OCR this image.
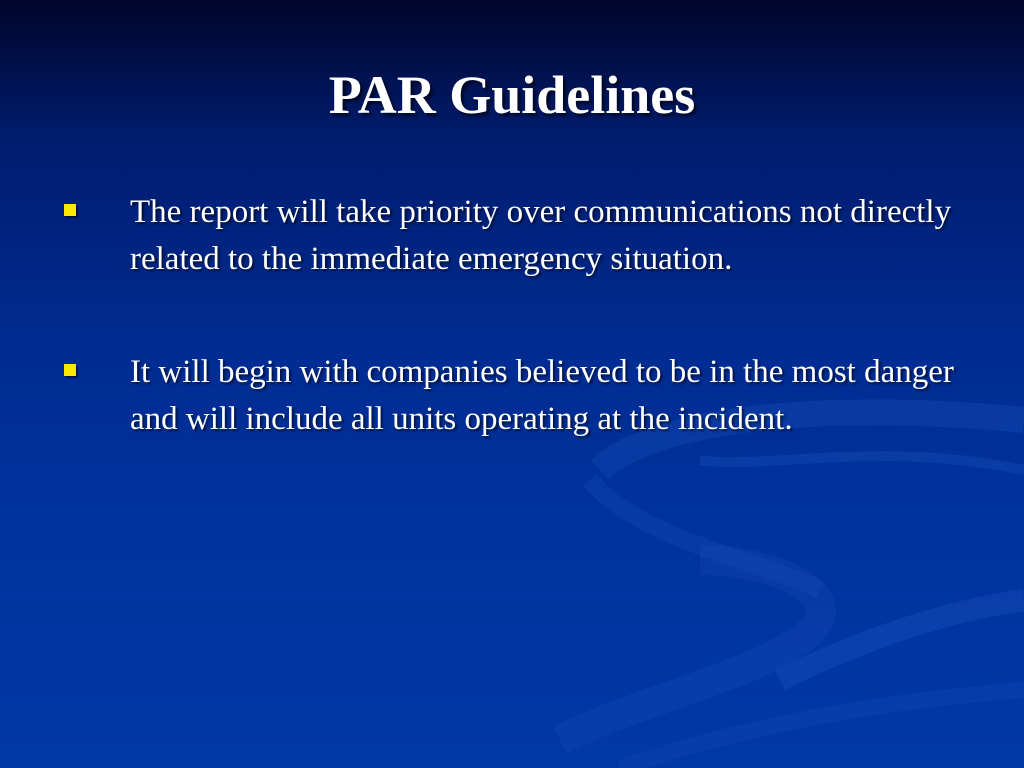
PAR Guidelines
The report will take priority over communications not directly related to the immediate emergency situation.
It will begin with companies believed to be in the most danger and will include all units operating at the incident.
